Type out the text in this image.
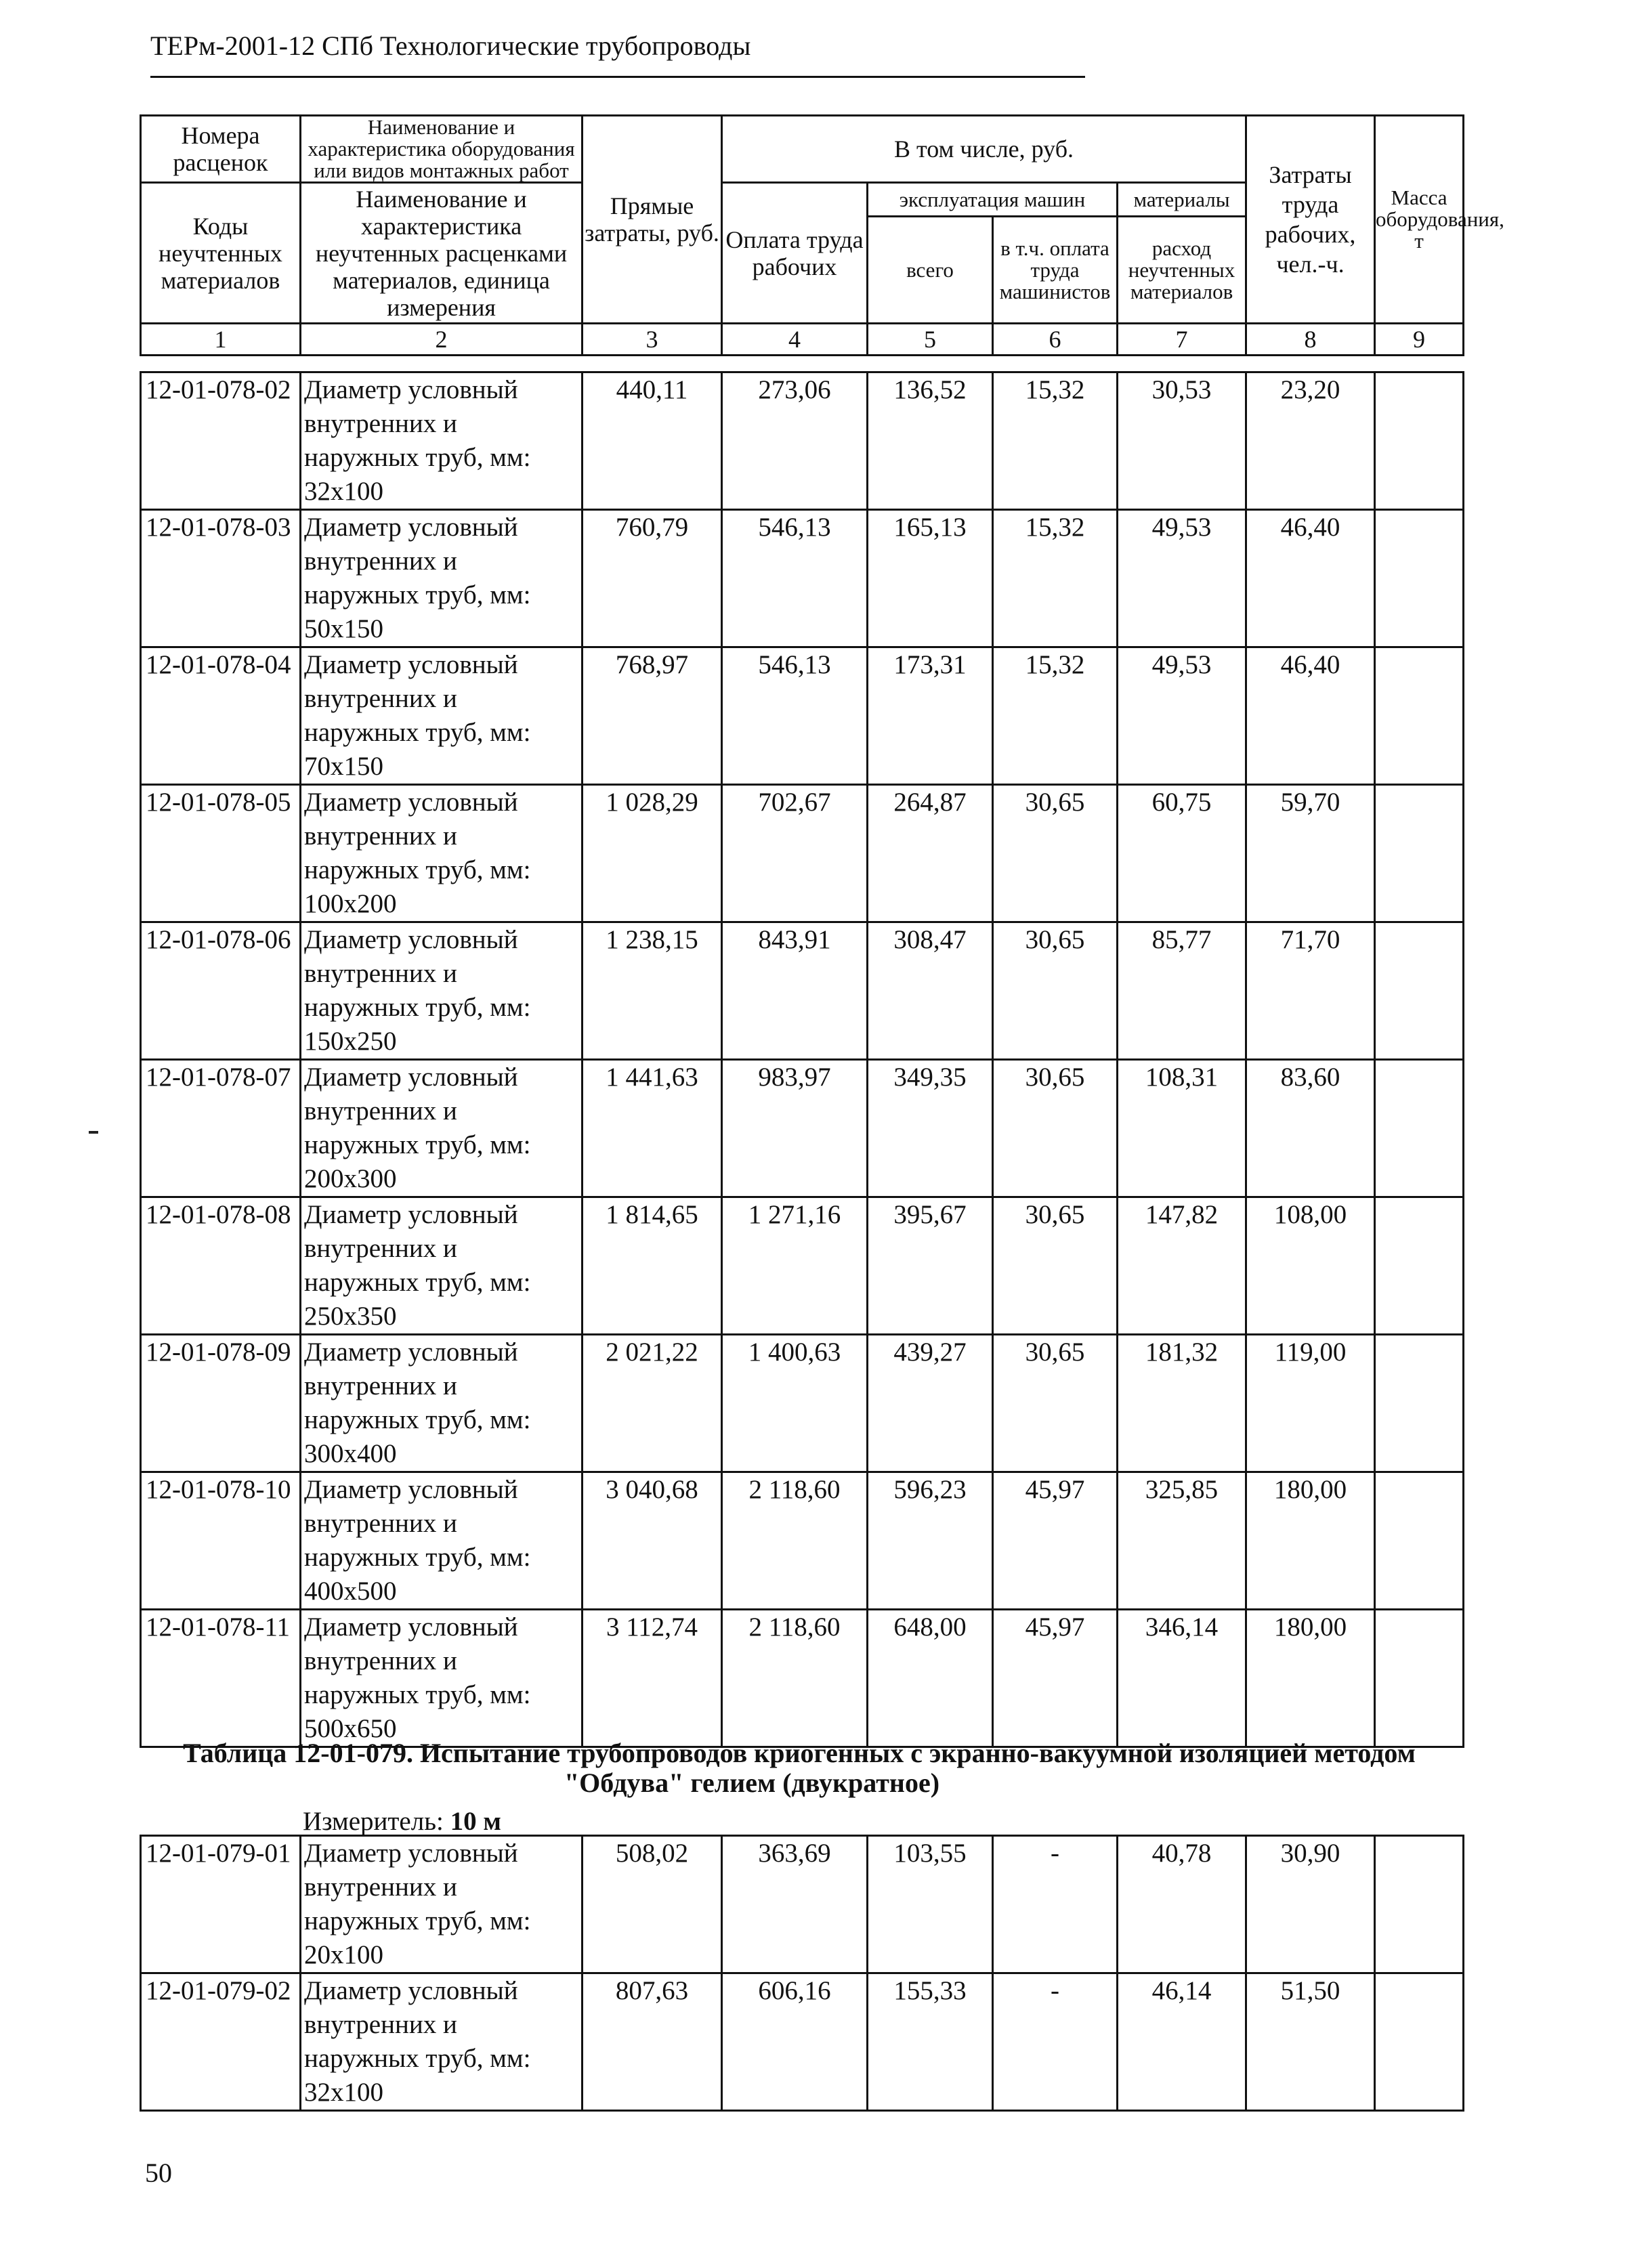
ТЕРм-2001-12 СПб Технологические трубопроводы
Номера расценок	Наименование и характеристика оборудования или видов монтажных работ	Прямые затраты, руб.	В том числе, руб.				Затраты труда рабочих, чел.-ч.	Масса оборудования, т
Коды неучтенных материалов	Наименование и характеристика неучтенных расценками материалов, единица измерения		Оплата труда рабочих	эксплуатация машин		материалы		
				всего	в т.ч. оплата труда машинистов	расход неучтенных материалов		

1	2	3	4	5	6	7	8	9
12-01-078-02	Диаметр условный
внутренних и
наружных труб, мм:
32x100	440,11	273,06	136,52	15,32	30,53	23,20	
12-01-078-03	Диаметр условный
внутренних и
наружных труб, мм:
50x150	760,79	546,13	165,13	15,32	49,53	46,40	
12-01-078-04	Диаметр условный
внутренних и
наружных труб, мм:
70x150	768,97	546,13	173,31	15,32	49,53	46,40	
12-01-078-05	Диаметр условный
внутренних и
наружных труб, мм:
100x200	1 028,29	702,67	264,87	30,65	60,75	59,70	
12-01-078-06	Диаметр условный
внутренних и
наружных труб, мм:
150x250	1 238,15	843,91	308,47	30,65	85,77	71,70	
12-01-078-07	Диаметр условный
внутренних и
наружных труб, мм:
200x300	1 441,63	983,97	349,35	30,65	108,31	83,60	
12-01-078-08	Диаметр условный
внутренних и
наружных труб, мм:
250x350	1 814,65	1 271,16	395,67	30,65	147,82	108,00	
12-01-078-09	Диаметр условный
внутренних и
наружных труб, мм:
300x400	2 021,22	1 400,63	439,27	30,65	181,32	119,00	
12-01-078-10	Диаметр условный
внутренних и
наружных труб, мм:
400x500	3 040,68	2 118,60	596,23	45,97	325,85	180,00	
12-01-078-11	Диаметр условный
внутренних и
наружных труб, мм:
500x650	3 112,74	2 118,60	648,00	45,97	346,14	180,00	
Таблица 12-01-079. Испытание трубопроводов криогенных с экранно-вакуумной изоляцией методом
"Обдува" гелием (двукратное)
Измеритель: 10 м
12-01-079-01	Диаметр условный
внутренних и
наружных труб, мм:
20x100	508,02	363,69	103,55	-	40,78	30,90	
12-01-079-02	Диаметр условный
внутренних и
наружных труб, мм:
32x100	807,63	606,16	155,33	-	46,14	51,50	
50
